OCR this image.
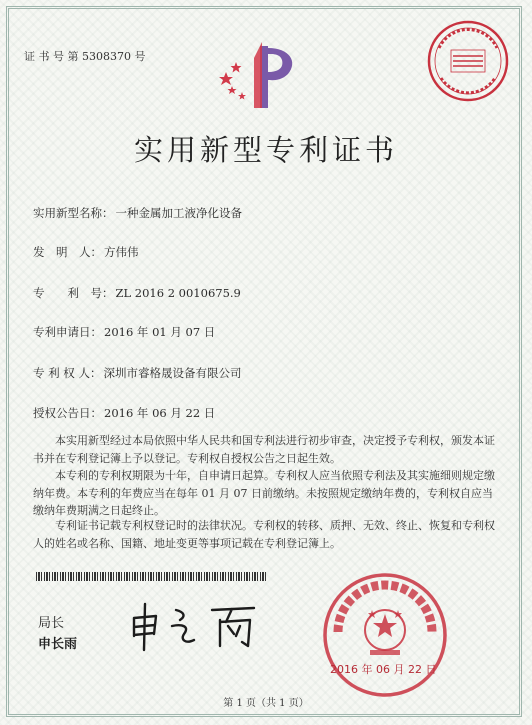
证 书 号 第 5308370 号
实用新型专利证书
实用新型名称： 一种金属加工液净化设备
发　明　人： 方伟伟
专　　利　号： ZL 2016 2 0010675.9
专利申请日： 2016 年 01 月 07 日
专 利 权 人： 深圳市睿格晟设备有限公司
授权公告日： 2016 年 06 月 22 日

本实用新型经过本局依照中华人民共和国专利法进行初步审查，决定授予专利权，颁发本证书并在专利登记簿上予以登记。专利权自授权公告之日起生效。

本专利的专利权期限为十年，自申请日起算。专利权人应当依照专利法及其实施细则规定缴纳年费。本专利的年费应当在每年 01 月 07 日前缴纳。未按照规定缴纳年费的，专利权自应当缴纳年费期满之日起终止。

专利证书记载专利权登记时的法律状况。专利权的转移、质押、无效、终止、恢复和专利权人的姓名或名称、国籍、地址变更等事项记载在专利登记簿上。

局长
申长雨
2016 年 06 月 22 日
第 1 页（共 1 页）
